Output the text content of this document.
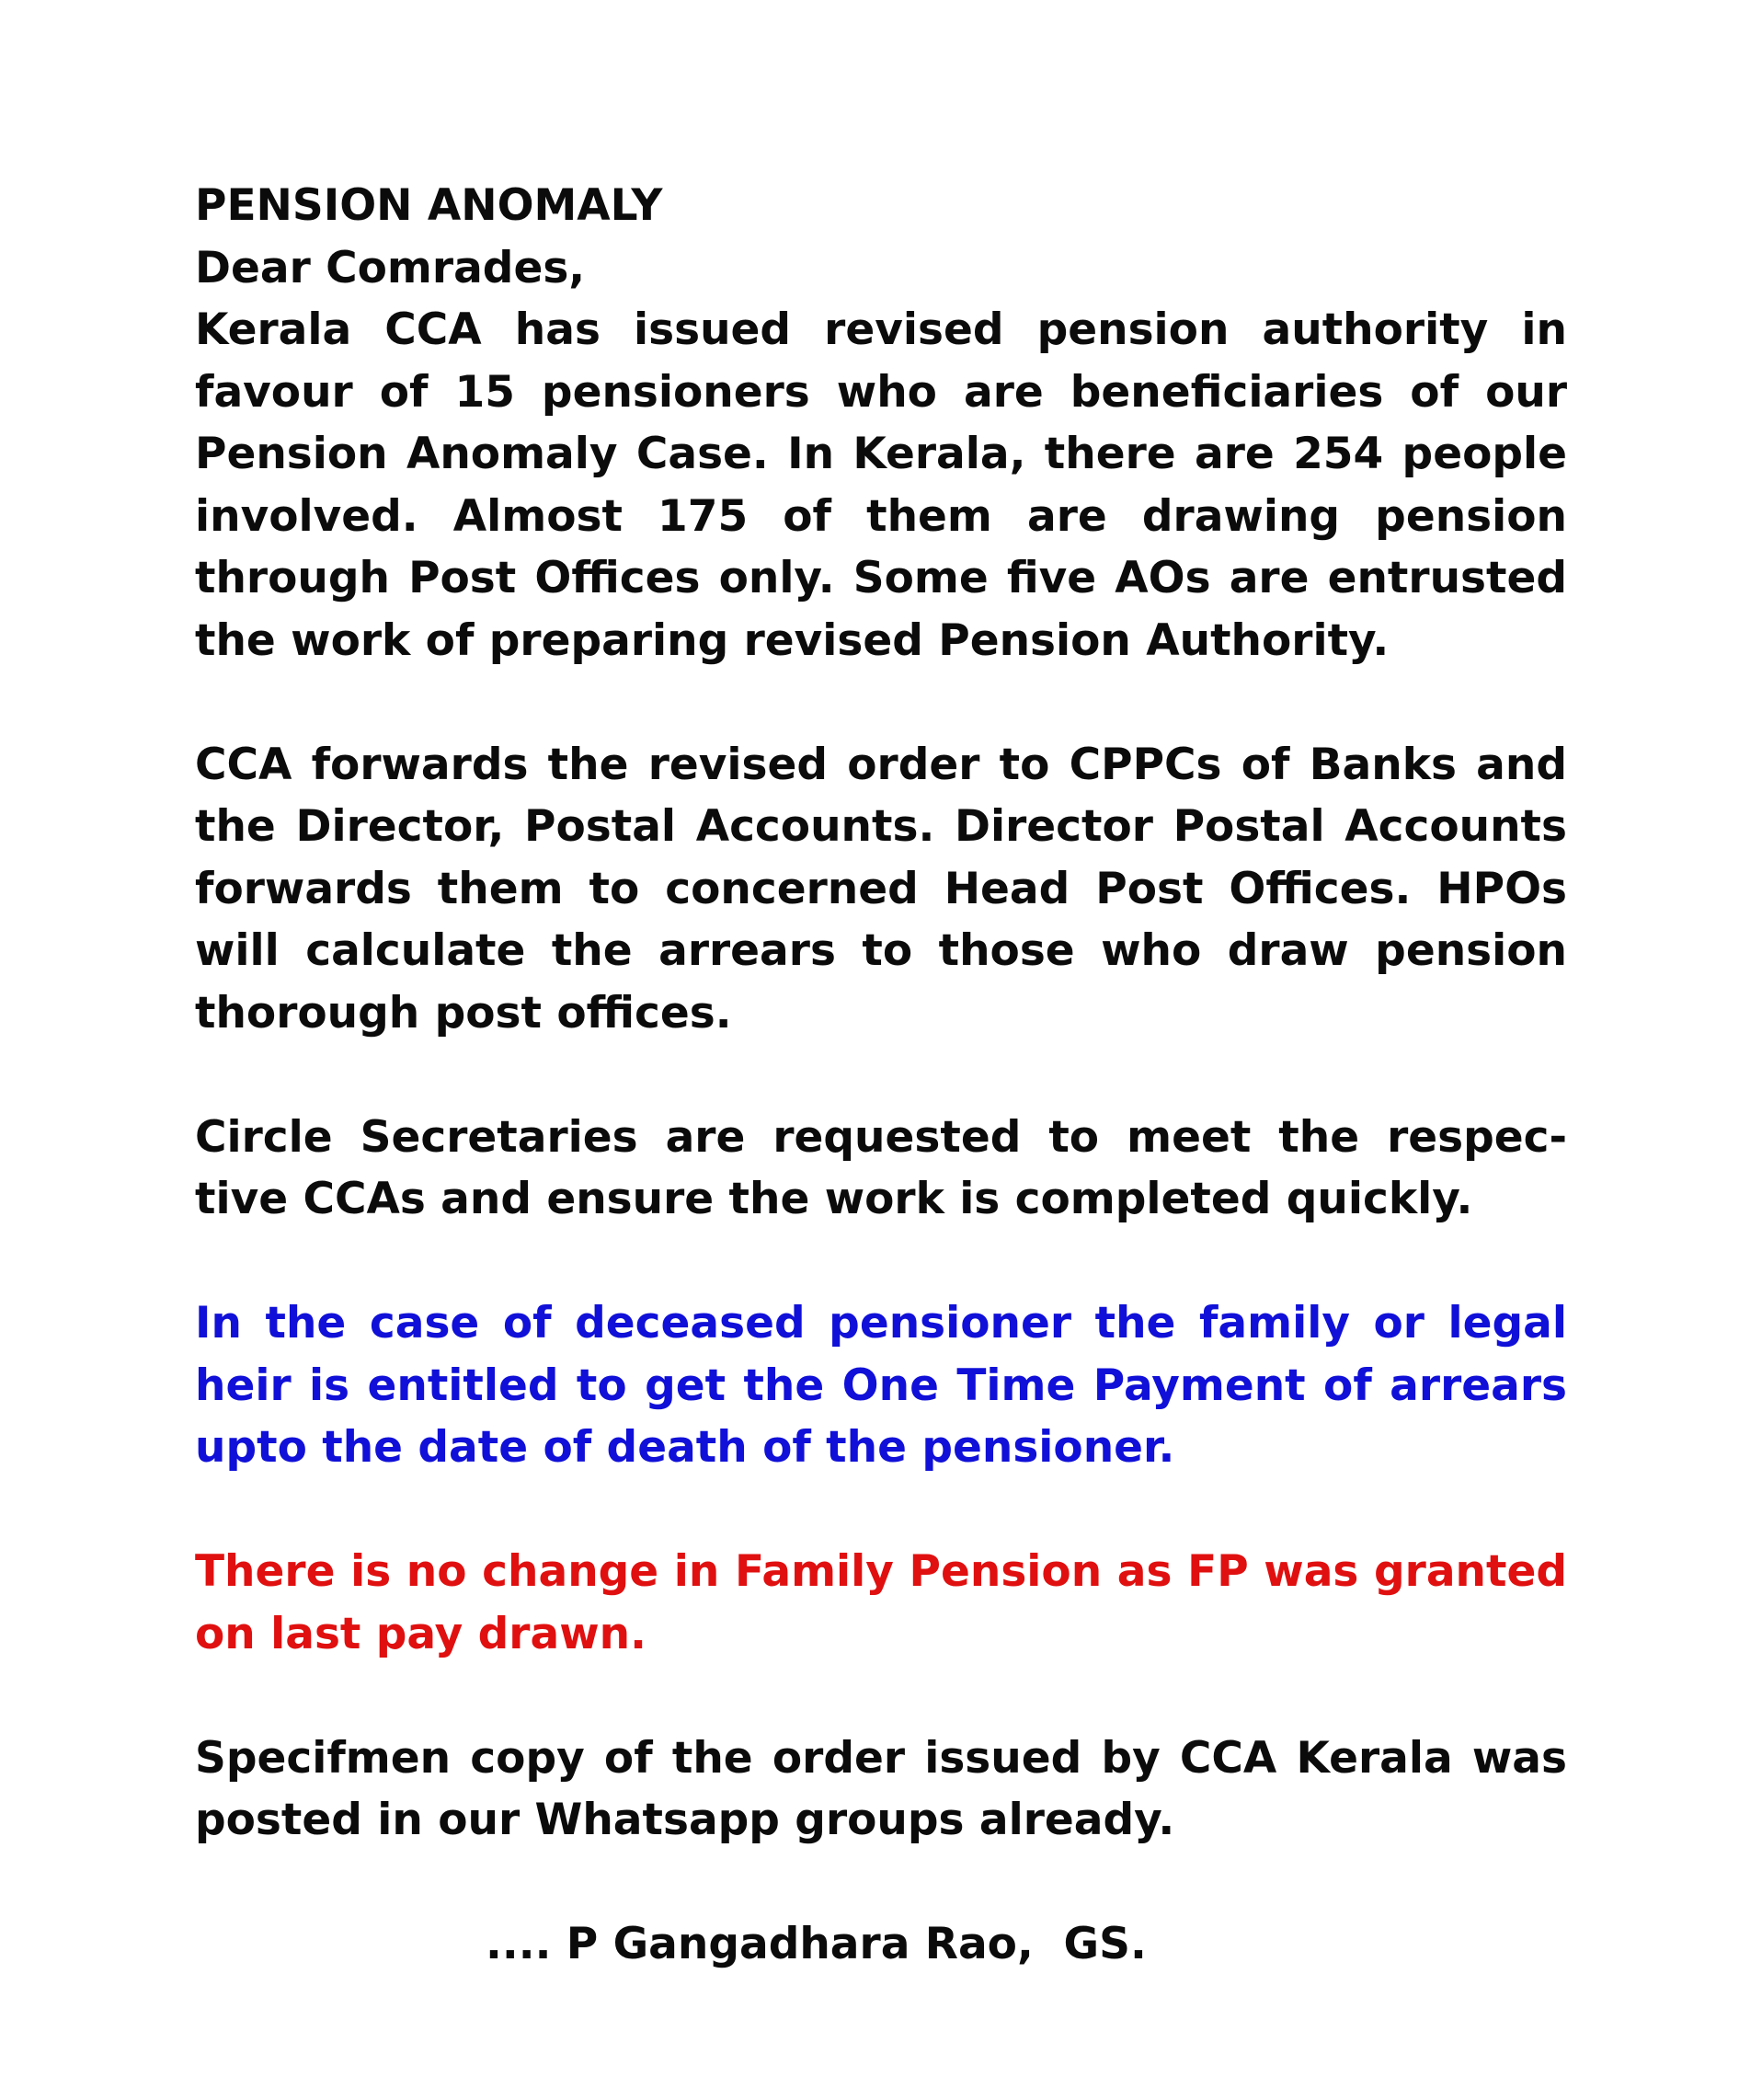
PENSION ANOMALY

Dear Comrades,

Kerala CCA has issued revised pension authority in favour of 15 pensioners who are beneficiaries of our Pension Anomaly Case. In Kerala, there are 254 people involved. Almost 175 of them are drawing pension through Post Offices only. Some five AOs are entrusted the work of preparing revised Pension Authority.

CCA forwards the revised order to CPPCs of Banks and the Director, Postal Accounts. Director Postal Accounts forwards them to concerned Head Post Offices. HPOs will calculate the arrears to those who draw pension thorough post offices.

Circle Secretaries are requested to meet the respec-tive CCAs and ensure the work is completed quickly.

In the case of deceased pensioner the family or legal heir is entitled to get the One Time Payment of arrears upto the date of death of the pensioner.

There is no change in Family Pension as FP was granted on last pay drawn.

Specifmen copy of the order issued by CCA Kerala was posted in our Whatsapp groups already.

.... P Gangadhara Rao,  GS.
